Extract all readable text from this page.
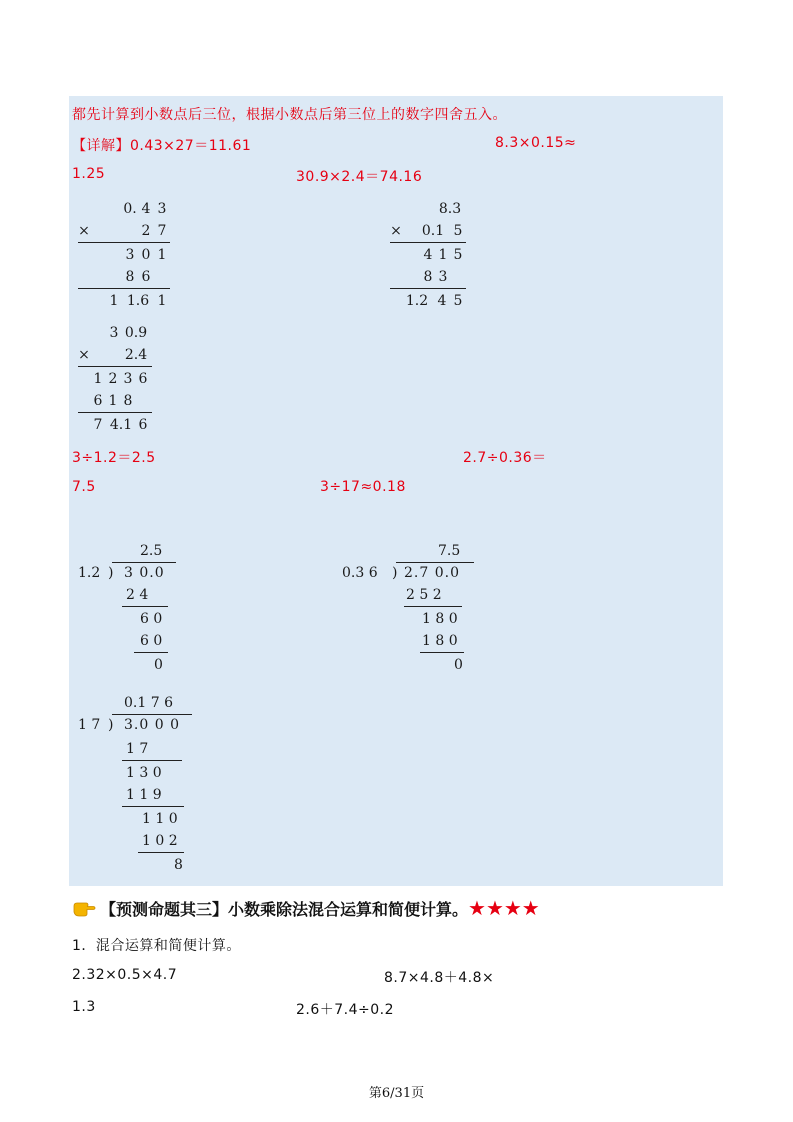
都先计算到小数点后三位，根据小数点后第三位上的数字四舍五入。
【详解】0.43×27＝11.61	8.3×0.15≈
1.25	30.9×2.4＝74.16
0. 4 3
×	2 7
3 0 1
8 6
1 1.6 1
8.3
× 0.1 5
4 1 5
8 3
1.2 4 5
3 0.9
×	2.4
1 2 3 6
6 1 8
7 4.1 6
3÷1.2＝2.5	2.7÷0.36＝
7.5	3÷17≈0.18
2.5
1.2 ) 3 0.0
2 4
6 0
6 0
0
7.5
0.3 6	) 2.7 0.0
2 5 2
1 8 0
1 8 0
0
0.1 7 6
1 7 ) 3.0 0 0
1 7
1 3 0
1 1 9
1 1 0
1 0 2
8
【预测命题其三】小数乘除法混合运算和简便计算。★★★★
1．混合运算和简便计算。
2.32×0.5×4.7	8.7×4.8＋4.8×
1.3	2.6＋7.4÷0.2
第6/31页
